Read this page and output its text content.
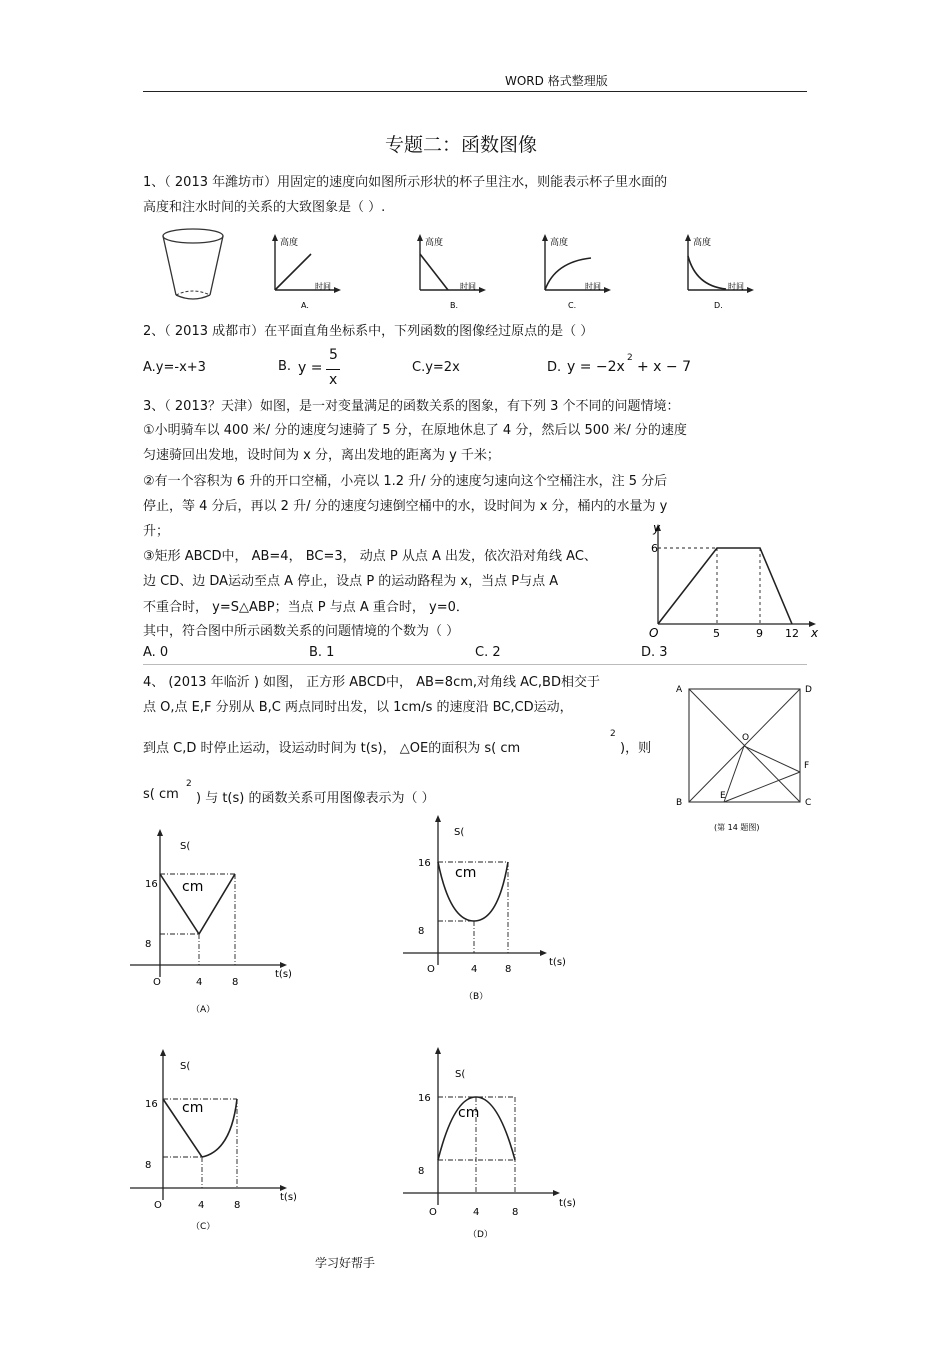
WORD 格式整理版
专题二：函数图像
1、（ 2013 年潍坊市）用固定的速度向如图所示形状的杯子里注水，则能表示杯子里水面的
高度和注水时间的关系的大致图象是（ ）.
高度
时间
A.
高度
时间
B.
高度
时间
C.
高度
时间
D.
2、（ 2013 成都市）在平面直角坐标系中，下列函数的图像经过原点的是（ ）
A.y=-x+3	B. y =
5
x
C.y=2x	D. y = −2x
2
+ x − 7
3、（ 2013？天津）如图，是一对变量满足的函数关系的图象，有下列 3 个不同的问题情境：
①小明骑车以 400 米/ 分的速度匀速骑了 5 分，在原地休息了 4 分，然后以 500 米/ 分的速度
匀速骑回出发地，设时间为 x 分，离出发地的距离为 y 千米；
②有一个容积为 6 升的开口空桶，小亮以 1.2 升/ 分的速度匀速向这个空桶注水，注 5 分后
停止，等 4 分后，再以 2 升/ 分的速度匀速倒空桶中的水，设时间为 x 分，桶内的水量为 y
升；
③矩形 ABCD中， AB=4， BC=3， 动点 P 从点 A 出发，依次沿对角线 AC、
边 CD、边 DA运动至点 A 停止，设点 P 的运动路程为 x，当点 P与点 A
不重合时， y=S△ABP；当点 P 与点 A 重合时， y=0．
其中，符合图中所示函数关系的问题情境的个数为（ ）
A. 0	B. 1	C. 2	D. 3
y
x
O
6
5	9 12
4、 (2013 年临沂 ) 如图， 正方形 ABCD中， AB=8cm,对角线 AC,BD相交于
点 O,点 E,F 分别从 B,C 两点同时出发，以 1cm/s 的速度沿 BC,CD运动，
到点 C,D 时停止运动，设运动时间为 t(s)， △OE的面积为 s( cm
2
)，则
s( cm
2
) 与 t(s) 的函数关系可用图像表示为（ ）
A	D
B	C
O
E
F
(第 14 题图)
S(
cm
16
8
O	4	8
t(s)
（A）
S(
cm
16
8
O	4	8
t(s)
（B）
S(
cm
16
8
O	4	8
t(s)
（C）
S(
cm
16
8
O	4	8
t(s)
（D）
学习好帮手
